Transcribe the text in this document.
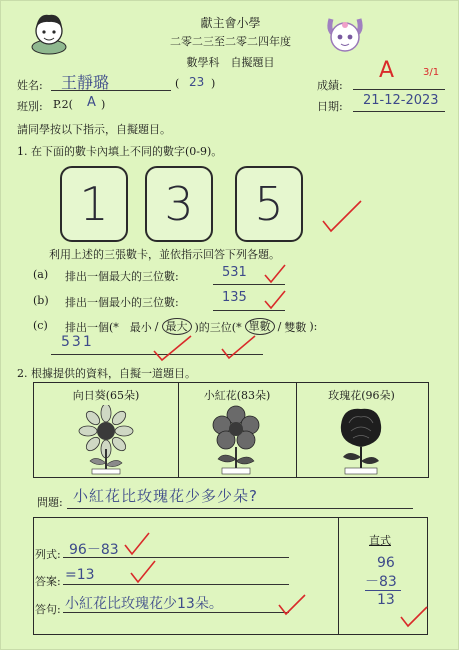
獻主會小學
二零二三至二零二四年度
數學科　自擬題目
姓名: 王靜璐	( 23 )
班別: P.2( A )
成績:
A	3/1
日期: 21-12-2023
請同學按以下指示，自擬題目。
1. 在下面的數卡內填上不同的數字(0-9)。
1	3	5
利用上述的三張數卡，並依指示回答下列各題。
(a) 排出一個最大的三位數:	531
(b) 排出一個最小的三位數:	135
(c) 排出一個(* 最小 / 最大 )的三位(* 單數 / 雙數 ):
531
2. 根據提供的資料，自擬一道題目。
向日葵(65朵)	小紅花(83朵)	玫瑰花(96朵)
問題: 小紅花比玫瑰花少多少朵?
列式: 96－83
答案: =13
答句: 小紅花比玫瑰花少13朵。
直式
96
－83
13
